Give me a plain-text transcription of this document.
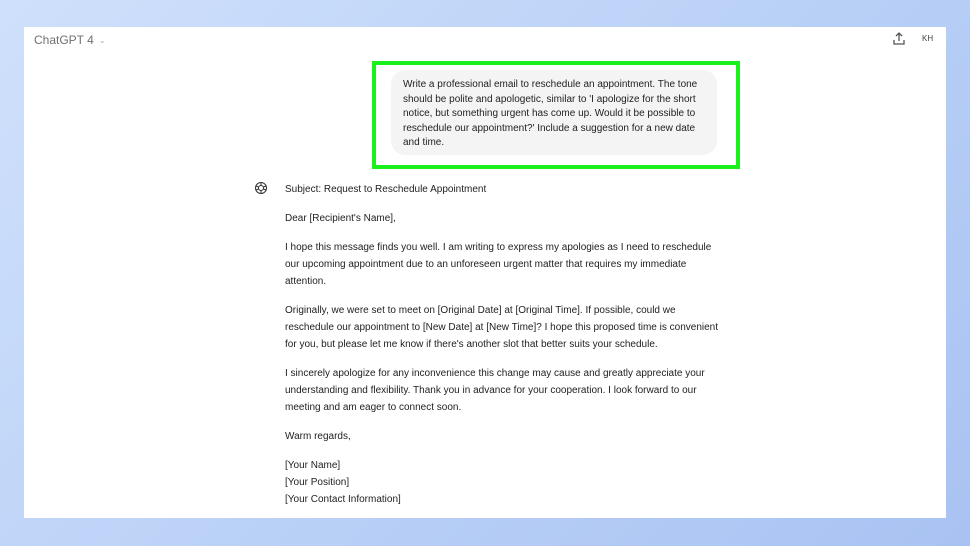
ChatGPT 4 ⌄	KH
Write a professional email to reschedule an appointment. The tone should be polite and apologetic, similar to 'I apologize for the short notice, but something urgent has come up. Would it be possible to reschedule our appointment?' Include a suggestion for a new date and time.
Subject: Request to Reschedule Appointment
Dear [Recipient's Name],
I hope this message finds you well. I am writing to express my apologies as I need to reschedule
our upcoming appointment due to an unforeseen urgent matter that requires my immediate
attention.
Originally, we were set to meet on [Original Date] at [Original Time]. If possible, could we
reschedule our appointment to [New Date] at [New Time]? I hope this proposed time is convenient
for you, but please let me know if there's another slot that better suits your schedule.
I sincerely apologize for any inconvenience this change may cause and greatly appreciate your
understanding and flexibility. Thank you in advance for your cooperation. I look forward to our
meeting and am eager to connect soon.
Warm regards,
[Your Name]
[Your Position]
[Your Contact Information]
